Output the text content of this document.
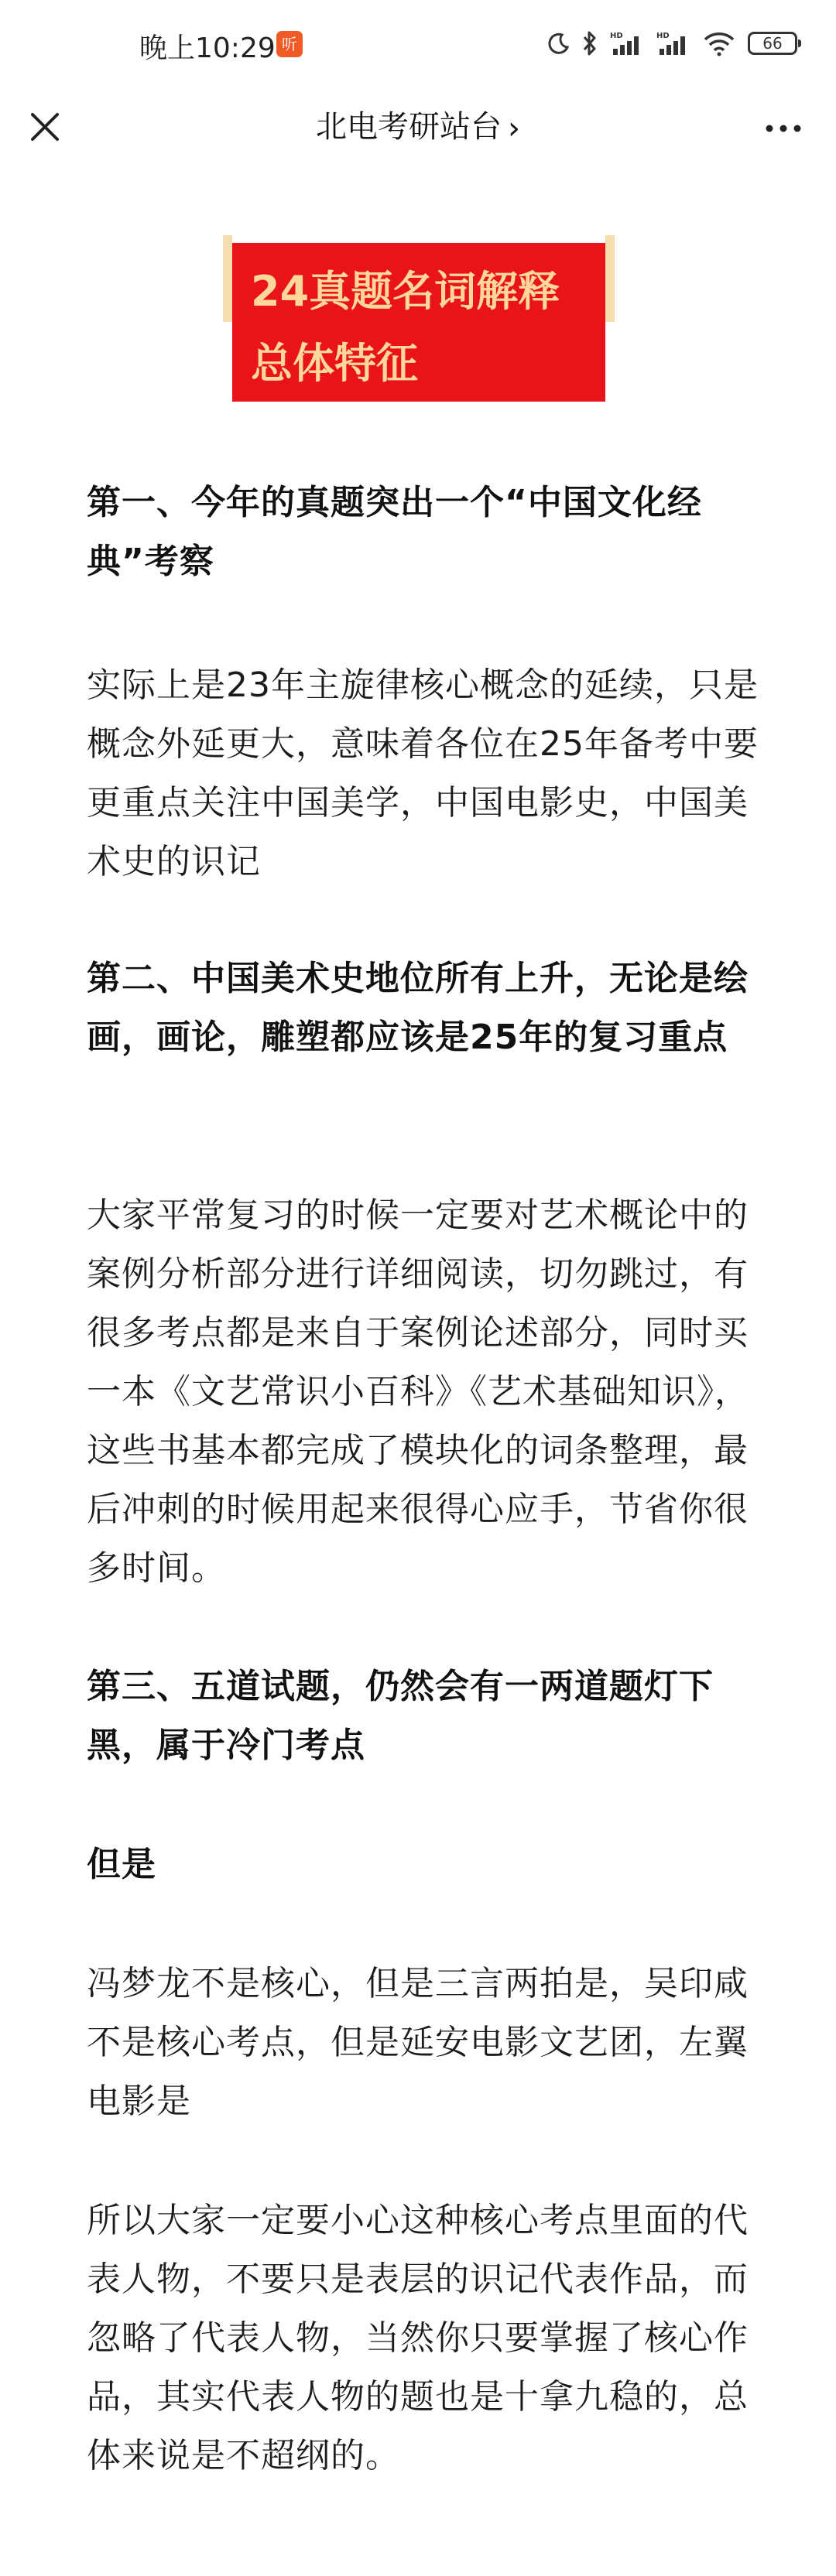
晚上10:29 听	HD	HD	66
北电考研站台 ›
24真题名词解释
总体特征

第一、今年的真题突出一个“中国文化经典”考察

实际上是23年主旋律核心概念的延续，只是概念外延更大，意味着各位在25年备考中要更重点关注中国美学，中国电影史，中国美术史的识记

第二、中国美术史地位所有上升，无论是绘画，画论，雕塑都应该是25年的复习重点

大家平常复习的时候一定要对艺术概论中的案例分析部分进行详细阅读，切勿跳过，有很多考点都是来自于案例论述部分，同时买一本《文艺常识小百科》《艺术基础知识》，这些书基本都完成了模块化的词条整理，最后冲刺的时候用起来很得心应手，节省你很多时间。

第三、五道试题，仍然会有一两道题灯下黑，属于冷门考点

但是

冯梦龙不是核心，但是三言两拍是，吴印咸不是核心考点，但是延安电影文艺团，左翼电影是

所以大家一定要小心这种核心考点里面的代表人物，不要只是表层的识记代表作品，而忽略了代表人物，当然你只要掌握了核心作品，其实代表人物的题也是十拿九稳的，总体来说是不超纲的。
